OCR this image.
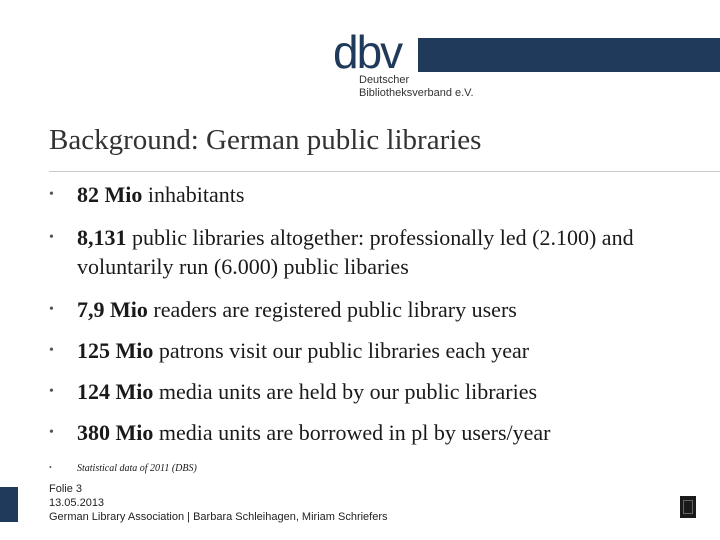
dbv
Deutscher
Bibliotheksverband e.V.
Background: German public libraries
• 82 Mio inhabitants
• 8,131 public libraries altogether: professionally led (2.100) and voluntarily run (6.000) public libaries
• 7,9 Mio readers are registered public library users
• 125 Mio patrons visit our public libraries each year
• 124 Mio media units are held by our public libraries
• 380 Mio media units are borrowed in pl by users/year
•	Statistical data of 2011 (DBS)
Folie 3
13.05.2013
German Library Association | Barbara Schleihagen, Miriam Schriefers
